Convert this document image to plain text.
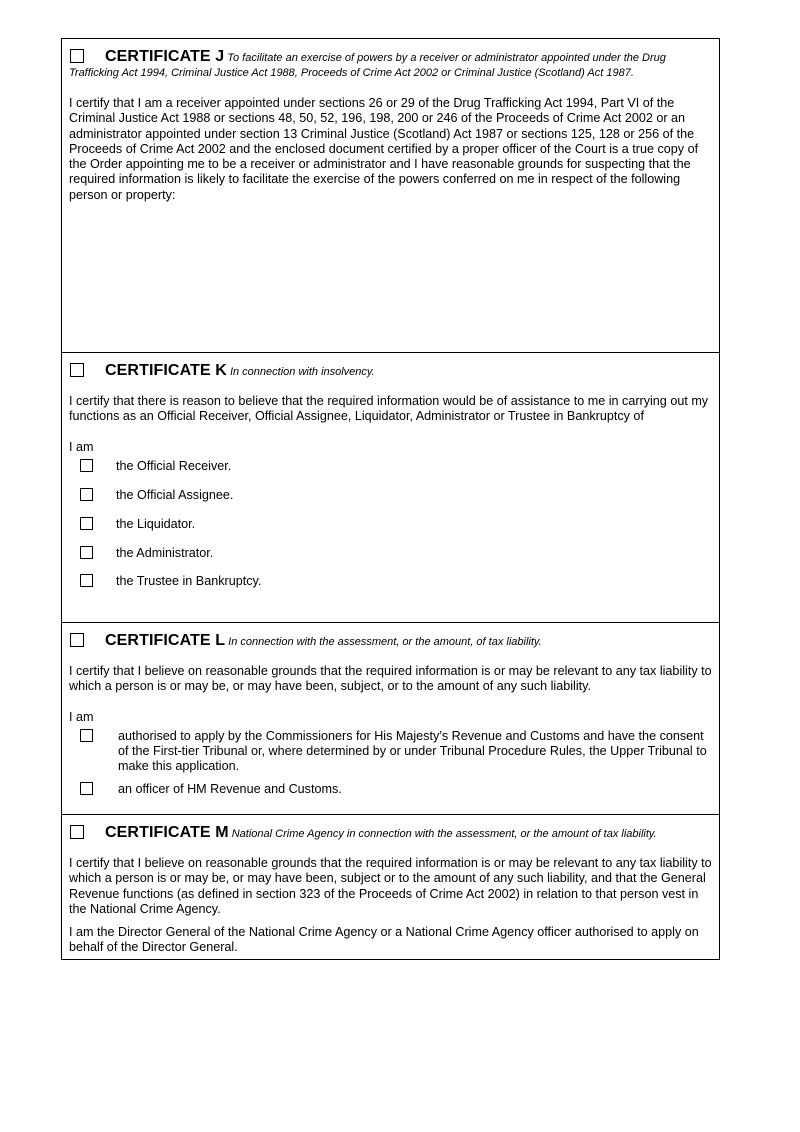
CERTIFICATE J To facilitate an exercise of powers by a receiver or administrator appointed under the Drug Trafficking Act 1994, Criminal Justice Act 1988, Proceeds of Crime Act 2002 or Criminal Justice (Scotland) Act 1987.

I certify that I am a receiver appointed under sections 26 or 29 of the Drug Trafficking Act 1994, Part VI of the Criminal Justice Act 1988 or sections 48, 50, 52, 196, 198, 200 or 246 of the Proceeds of Crime Act 2002 or an administrator appointed under section 13 Criminal Justice (Scotland) Act 1987 or sections 125, 128 or 256 of the Proceeds of Crime Act 2002 and the enclosed document certified by a proper officer of the Court is a true copy of the Order appointing me to be a receiver or administrator and I have reasonable grounds for suspecting that the required information is likely to facilitate the exercise of the powers conferred on me in respect of the following person or property:

CERTIFICATE K In connection with insolvency.

I certify that there is reason to believe that the required information would be of assistance to me in carrying out my functions as an Official Receiver, Official Assignee, Liquidator, Administrator or Trustee in Bankruptcy of

I am

the Official Receiver.
the Official Assignee.
the Liquidator.
the Administrator.
the Trustee in Bankruptcy.
CERTIFICATE L In connection with the assessment, or the amount, of tax liability.

I certify that I believe on reasonable grounds that the required information is or may be relevant to any tax liability to which a person is or may be, or may have been, subject, or to the amount of any such liability.

I am

authorised to apply by the Commissioners for His Majesty’s Revenue and Customs and have the consent of the First-tier Tribunal or, where determined by or under Tribunal Procedure Rules, the Upper Tribunal to make this application.
an officer of HM Revenue and Customs.
CERTIFICATE M National Crime Agency in connection with the assessment, or the amount of tax liability.

I certify that I believe on reasonable grounds that the required information is or may be relevant to any tax liability to which a person is or may be, or may have been, subject or to the amount of any such liability, and that the General Revenue functions (as defined in section 323 of the Proceeds of Crime Act 2002) in relation to that person vest in the National Crime Agency.

I am the Director General of the National Crime Agency or a National Crime Agency officer authorised to apply on behalf of the Director General.
